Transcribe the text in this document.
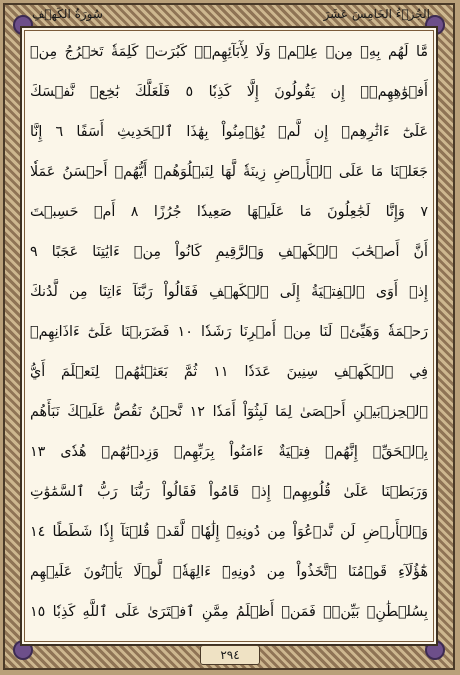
الجُزۡءُ الخَامِسَ عَشَرَ
سُورَةُ الكَهۡفِ
مَّا لَهُم بِهِۦ مِنۡ عِلۡمٖ وَلَا لِأٓبَآئِهِمۡۚ كَبُرَتۡ كَلِمَةٗ تَخۡرُجُ مِنۡ
أَفۡوَٰهِهِمۡۚ إِن يَقُولُونَ إِلَّا كَذِبٗا ٥ فَلَعَلَّكَ بَٰخِعٞ نَّفۡسَكَ
عَلَىٰٓ ءَاثَٰرِهِمۡ إِن لَّمۡ يُؤۡمِنُواْ بِهَٰذَا ٱلۡحَدِيثِ أَسَفًا ٦ إِنَّا
جَعَلۡنَا مَا عَلَى ٱلۡأَرۡضِ زِينَةٗ لَّهَا لِنَبۡلُوَهُمۡ أَيُّهُمۡ أَحۡسَنُ عَمَلٗا
٧ وَإِنَّا لَجَٰعِلُونَ مَا عَلَيۡهَا صَعِيدٗا جُرُزًا ٨ أَمۡ حَسِبۡتَ
أَنَّ أَصۡحَٰبَ ٱلۡكَهۡفِ وَٱلرَّقِيمِ كَانُواْ مِنۡ ءَايَٰتِنَا عَجَبًا ٩
إِذۡ أَوَى ٱلۡفِتۡيَةُ إِلَى ٱلۡكَهۡفِ فَقَالُواْ رَبَّنَآ ءَاتِنَا مِن لَّدُنكَ
رَحۡمَةٗ وَهَيِّئۡ لَنَا مِنۡ أَمۡرِنَا رَشَدٗا ١٠ فَضَرَبۡنَا عَلَىٰٓ ءَاذَانِهِمۡ
فِي ٱلۡكَهۡفِ سِنِينَ عَدَدٗا ١١ ثُمَّ بَعَثۡنَٰهُمۡ لِنَعۡلَمَ أَيُّ
ٱلۡحِزۡبَيۡنِ أَحۡصَىٰ لِمَا لَبِثُوٓاْ أَمَدٗا ١٢ نَّحۡنُ نَقُصُّ عَلَيۡكَ نَبَأَهُم
بِٱلۡحَقِّۚ إِنَّهُمۡ فِتۡيَةٌ ءَامَنُواْ بِرَبِّهِمۡ وَزِدۡنَٰهُمۡ هُدٗى ١٣
وَرَبَطۡنَا عَلَىٰ قُلُوبِهِمۡ إِذۡ قَامُواْ فَقَالُواْ رَبُّنَا رَبُّ ٱلسَّمَٰوَٰتِ
وَٱلۡأَرۡضِ لَن نَّدۡعُوَاْ مِن دُونِهِۦٓ إِلَٰهٗاۖ لَّقَدۡ قُلۡنَآ إِذٗا شَطَطًا ١٤
هَٰٓؤُلَآءِ قَوۡمُنَا ٱتَّخَذُواْ مِن دُونِهِۦٓ ءَالِهَةٗۖ لَّوۡلَا يَأۡتُونَ عَلَيۡهِم
بِسُلۡطَٰنِۭ بَيِّنٖۖ فَمَنۡ أَظۡلَمُ مِمَّنِ ٱفۡتَرَىٰ عَلَى ٱللَّهِ كَذِبٗا ١٥
٢٩٤
